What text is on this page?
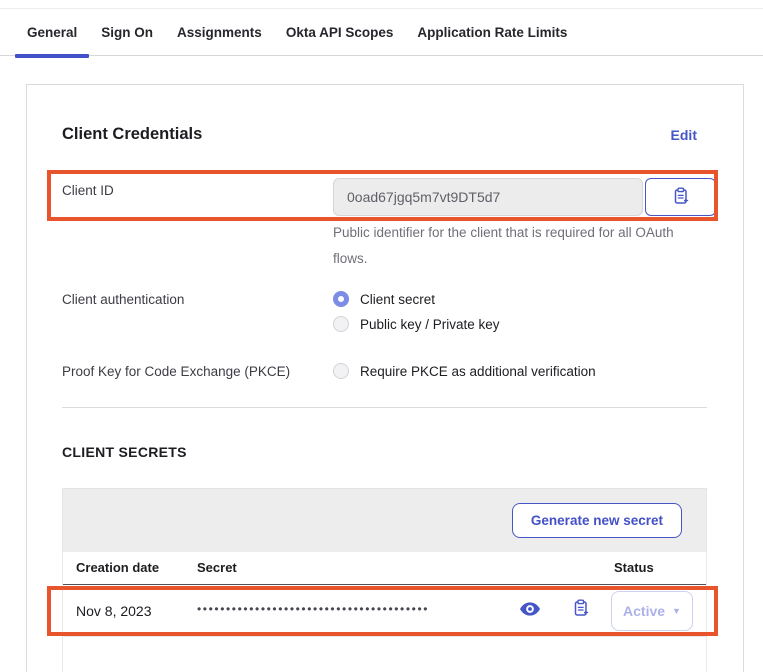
General	Sign On	Assignments	Okta API Scopes	Application Rate Limits
Client Credentials	Edit
Client ID	0oad67jgq5m7vt9DT5d7
Public identifier for the client that is required for all OAuth flows.
Client authentication	Client secret
Public key / Private key
Proof Key for Code Exchange (PKCE)	Require PKCE as additional verification
CLIENT SECRETS
Generate new secret
Creation date	Secret	Status
Nov 8, 2023	••••••••••••••••••••••••••••••••••••••••	Active ▼
